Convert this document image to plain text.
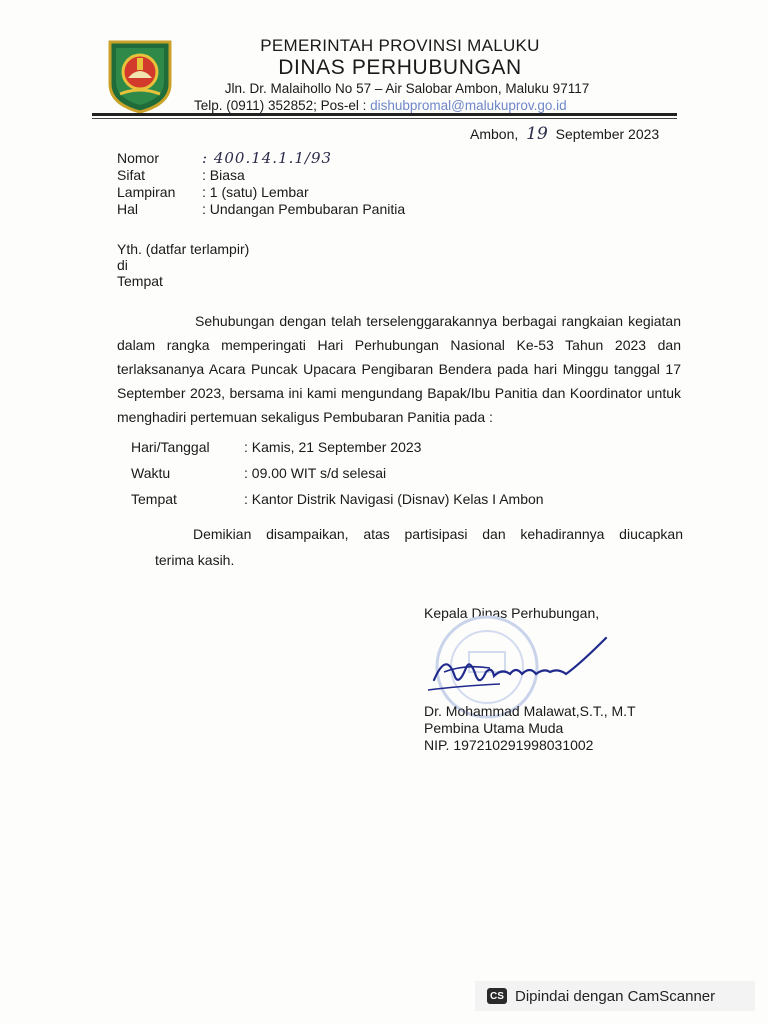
PEMERINTAH PROVINSI MALUKU
DINAS PERHUBUNGAN
Jln. Dr. Malaihollo No 57 – Air Salobar Ambon, Maluku 97117
Telp. (0911) 352852; Pos-el : dishubpromal@malukuprov.go.id
Ambon, 19 September 2023
Nomor	: 400.14.1.1/93
Sifat	: Biasa
Lampiran	: 1 (satu) Lembar
Hal	: Undangan Pembubaran Panitia
Yth. (datfar terlampir)
di
Tempat

Sehubungan dengan telah terselenggarakannya berbagai rangkaian kegiatan dalam rangka memperingati Hari Perhubungan Nasional Ke-53 Tahun 2023 dan terlaksananya Acara Puncak Upacara Pengibaran Bendera pada hari Minggu tanggal 17 September 2023, bersama ini kami mengundang Bapak/Ibu Panitia dan Koordinator untuk menghadiri pertemuan sekaligus Pembubaran Panitia pada :

Hari/Tanggal	: Kamis, 21 September 2023
Waktu	: 09.00 WIT s/d selesai
Tempat	: Kantor Distrik Navigasi (Disnav) Kelas I Ambon
Demikian disampaikan, atas partisipasi dan kehadirannya diucapkan
terima kasih.
Kepala Dinas Perhubungan,
Dr. Mohammad Malawat,S.T., M.T
Pembina Utama Muda
NIP. 197210291998031002
CS Dipindai dengan CamScanner
